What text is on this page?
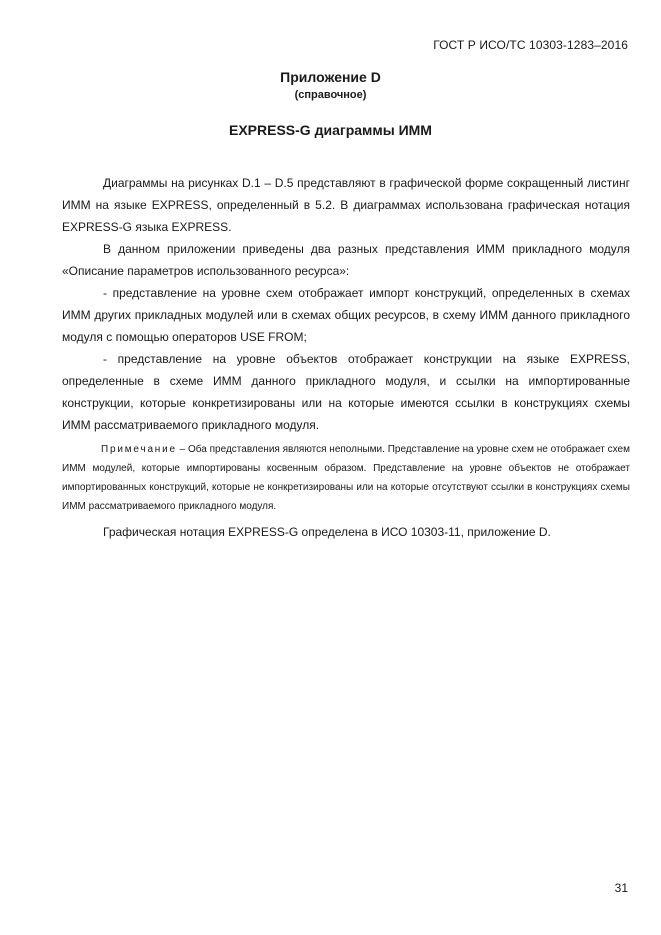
ГОСТ Р ИСО/ТС 10303-1283–2016
Приложение D
(справочное)
EXPRESS-G диаграммы ИММ

Диаграммы на рисунках D.1 – D.5 представляют в графической форме сокращенный листинг ИММ на языке EXPRESS, определенный в 5.2. В диаграммах использована графическая нотация EXPRESS-G языка EXPRESS.

В данном приложении приведены два разных представления ИММ прикладного модуля «Описание параметров использованного ресурса»:

- представление на уровне схем отображает импорт конструкций, определенных в схемах ИММ других прикладных модулей или в схемах общих ресурсов, в схему ИММ данного прикладного модуля с помощью операторов USE FROM;

- представление на уровне объектов отображает конструкции на языке EXPRESS, определенные в схеме ИММ данного прикладного модуля, и ссылки на импортированные конструкции, которые конкретизированы или на которые имеются ссылки в конструкциях схемы ИММ рассматриваемого прикладного модуля.

Примечание – Оба представления являются неполными. Представление на уровне схем не отображает схем ИММ модулей, которые импортированы косвенным образом. Представление на уровне объектов не отображает импортированных конструкций, которые не конкретизированы или на которые отсутствуют ссылки в конструкциях схемы ИММ рассматриваемого прикладного модуля.

Графическая нотация EXPRESS-G определена в ИСО 10303-11, приложение D.

31
